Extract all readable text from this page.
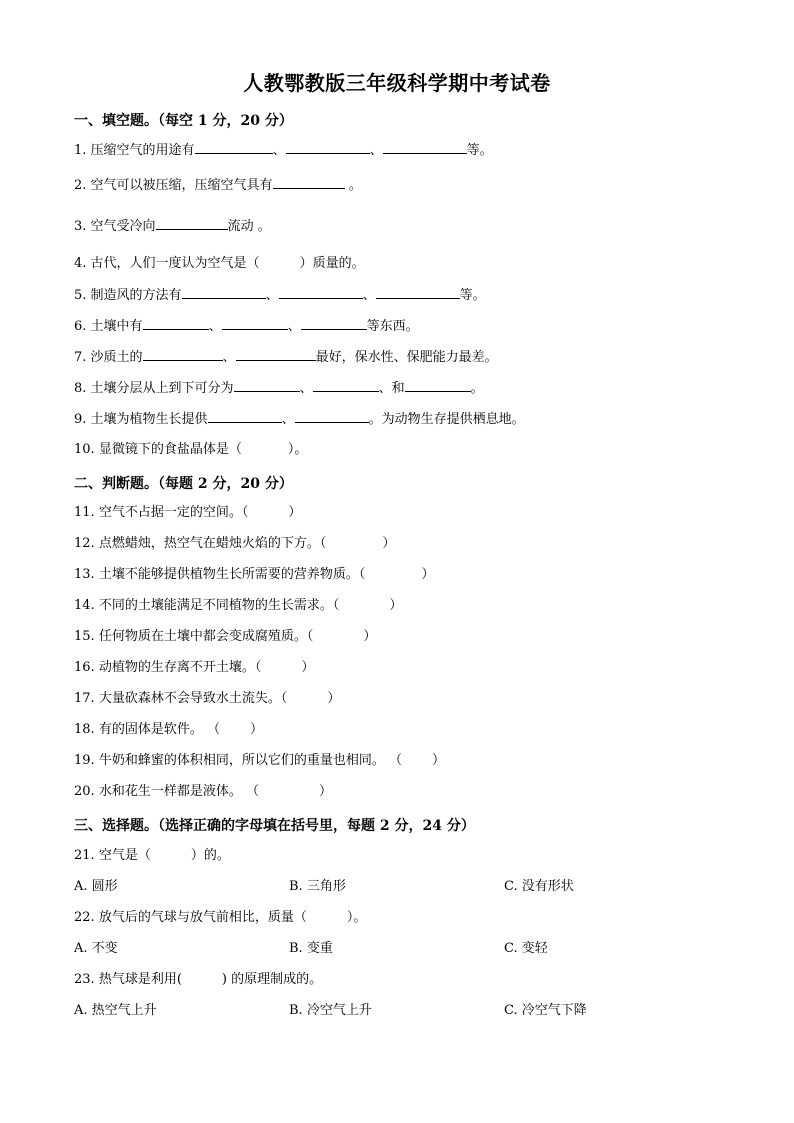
人教鄂教版三年级科学期中考试卷
一、填空题。（每空 1 分，20 分）
1. 压缩空气的用途有	、	、	等。
2. 空气可以被压缩，压缩空气具有	。
3. 空气受冷向	流动 。
4. 古代，人们一度认为空气是（	）质量的。
5. 制造风的方法有	、	、	等。
6. 土壤中有	、	、	等东西。
7. 沙质土的	、	最好，保水性、保肥能力最差。
8. 土壤分层从上到下可分为	、	、和	。
9. 土壤为植物生长提供	、	。为动物生存提供栖息地。
10. 显微镜下的食盐晶体是（	）。
二、判断题。（每题 2 分，20 分）
11. 空气不占据一定的空间。（	）
12. 点燃蜡烛，热空气在蜡烛火焰的下方。（	）
13. 土壤不能够提供植物生长所需要的营养物质。（	）
14. 不同的土壤能满足不同植物的生长需求。（	）
15. 任何物质在土壤中都会变成腐殖质。（	）
16. 动植物的生存离不开土壤。（	）
17. 大量砍森林不会导致水土流失。（	）
18. 有的固体是软件。 （ ）
19. 牛奶和蜂蜜的体积相同，所以它们的重量也相同。 （ ）
20. 水和花生一样都是液体。 （	）
三、选择题。（选择正确的字母填在括号里，每题 2 分，24 分）
21. 空气是（	）的。
A. 圆形	B. 三角形	C. 没有形状
22. 放气后的气球与放气前相比，质量（	）。
A. 不变	B. 变重	C. 变轻
23. 热气球是利用(	) 的原理制成的。
A. 热空气上升	B. 冷空气上升	C. 冷空气下降
